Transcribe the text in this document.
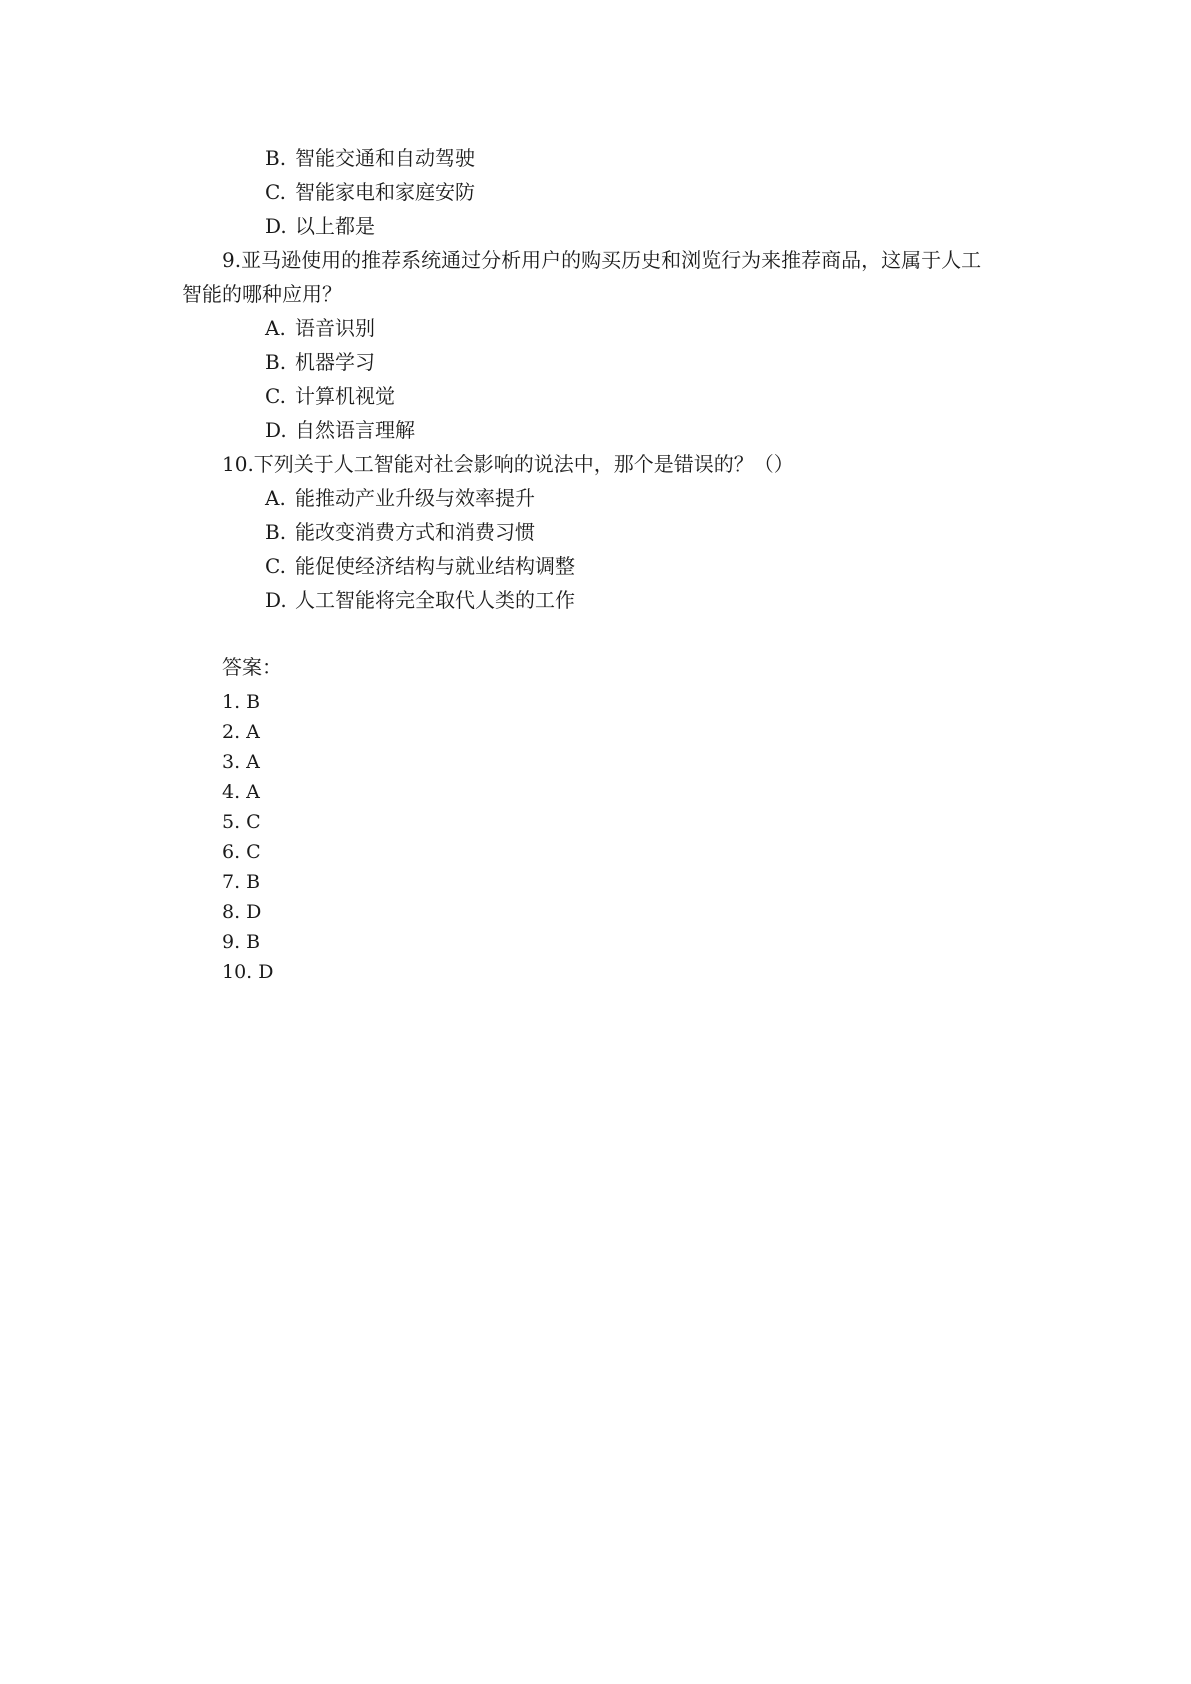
B. 智能交通和自动驾驶
C. 智能家电和家庭安防
D. 以上都是
9.亚马逊使用的推荐系统通过分析用户的购买历史和浏览行为来推荐商品，这属于人工
智能的哪种应用？
A. 语音识别
B. 机器学习
C. 计算机视觉
D. 自然语言理解
10.下列关于人工智能对社会影响的说法中，那个是错误的？（）
A. 能推动产业升级与效率提升
B. 能改变消费方式和消费习惯
C. 能促使经济结构与就业结构调整
D. 人工智能将完全取代人类的工作
答案：
1. B
2. A
3. A
4. A
5. C
6. C
7. B
8. D
9. B
10. D
